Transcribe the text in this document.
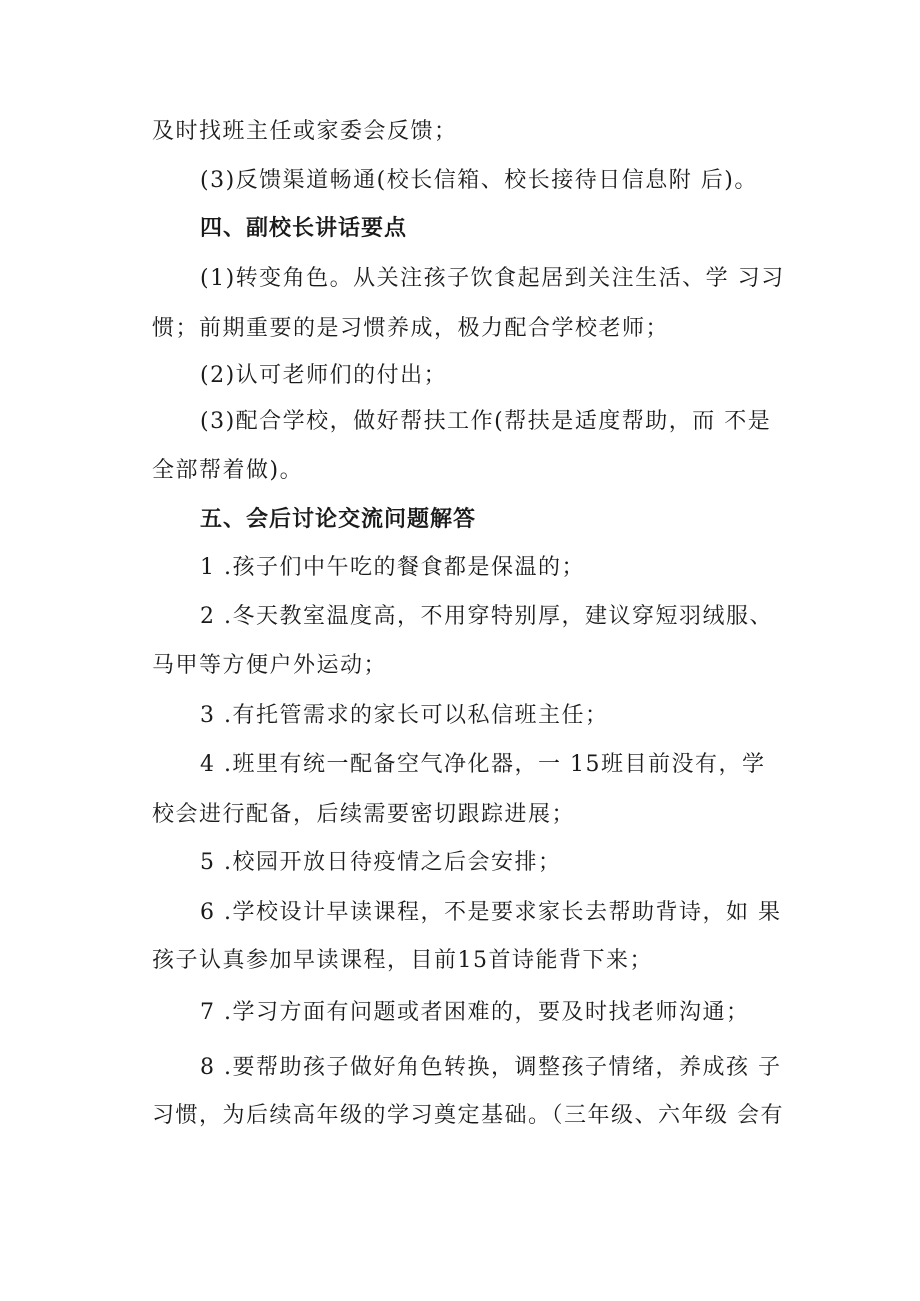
及时找班主任或家委会反馈；
(3)反馈渠道畅通(校长信箱、校长接待日信息附 后)。
四、副校长讲话要点
(1)转变角色。从关注孩子饮食起居到关注生活、学 习习
惯；前期重要的是习惯养成，极力配合学校老师；
(2)认可老师们的付出；
(3)配合学校，做好帮扶工作(帮扶是适度帮助，而 不是
全部帮着做)。
五、会后讨论交流问题解答
1 .孩子们中午吃的餐食都是保温的；
2 .冬天教室温度高，不用穿特别厚，建议穿短羽绒服、
马甲等方便户外运动；
3 .有托管需求的家长可以私信班主任；
4 .班里有统一配备空气净化器，一 15班目前没有，学
校会进行配备，后续需要密切跟踪进展；
5 .校园开放日待疫情之后会安排；
6 .学校设计早读课程，不是要求家长去帮助背诗，如 果
孩子认真参加早读课程，目前15首诗能背下来；
7 .学习方面有问题或者困难的，要及时找老师沟通；
8 .要帮助孩子做好角色转换，调整孩子情绪，养成孩 子
习惯，为后续高年级的学习奠定基础。（三年级、六年级 会有
